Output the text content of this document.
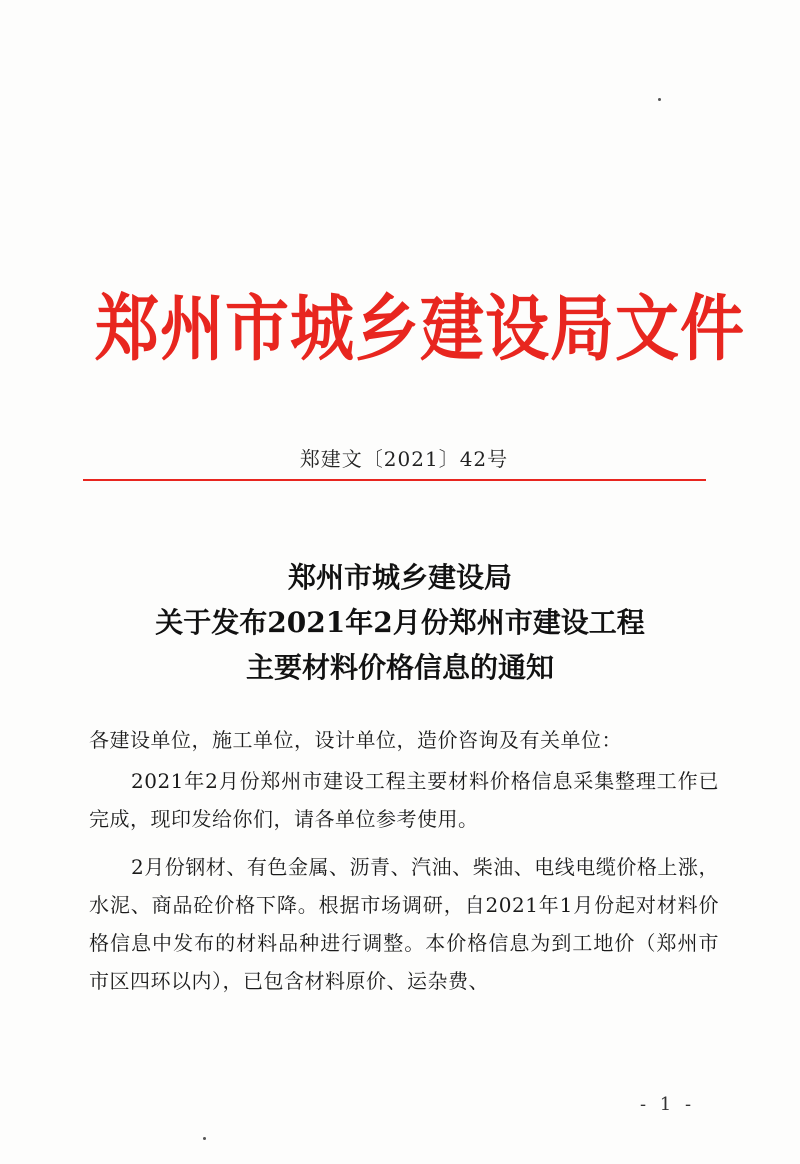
郑州市城乡建设局文件
郑建文〔2021〕42号
郑州市城乡建设局
关于发布2021年2月份郑州市建设工程
主要材料价格信息的通知
各建设单位，施工单位，设计单位，造价咨询及有关单位：
2021年2月份郑州市建设工程主要材料价格信息采集整理工作已完成，现印发给你们，请各单位参考使用。
2月份钢材、有色金属、沥青、汽油、柴油、电线电缆价格上涨，水泥、商品砼价格下降。根据市场调研，自2021年1月份起对材料价格信息中发布的材料品种进行调整。本价格信息为到工地价（郑州市市区四环以内），已包含材料原价、运杂费、
- 1 -
